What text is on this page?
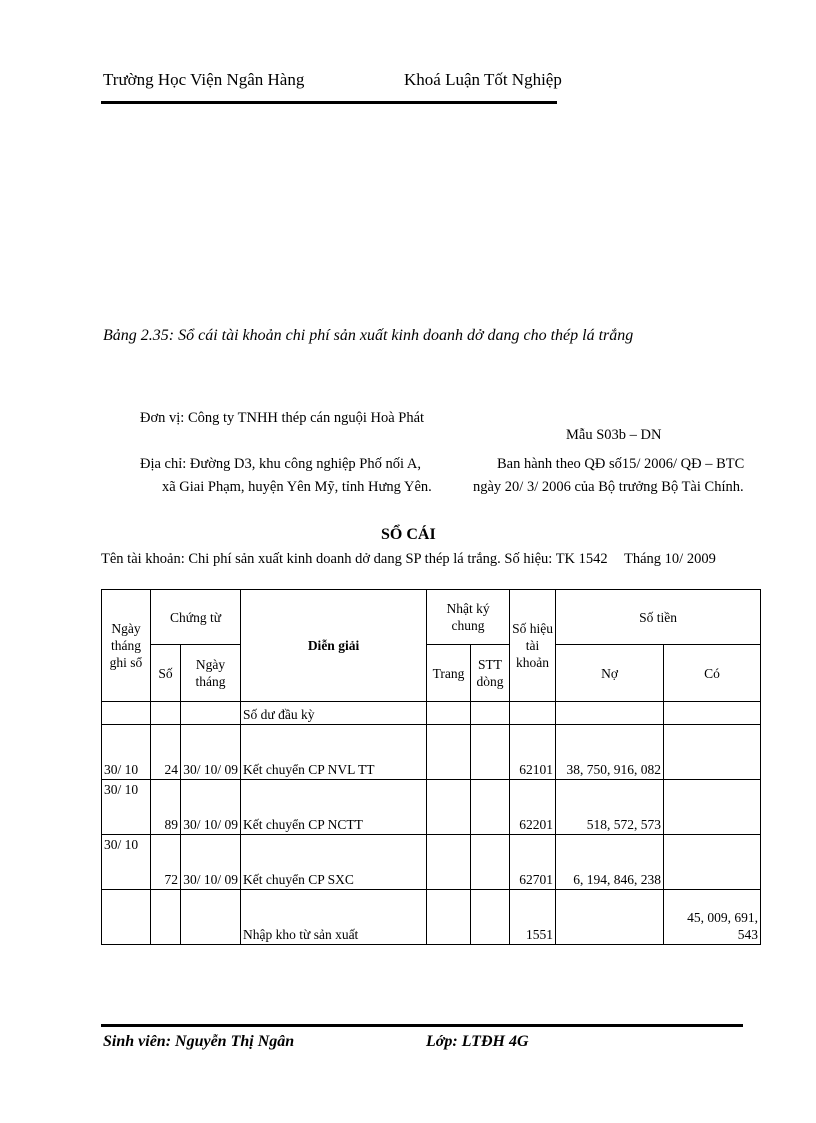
Trường Học Viện Ngân Hàng	Khoá Luận Tốt Nghiệp
Bảng 2.35: Sổ cái tài khoản chi phí sản xuất kinh doanh dở dang cho thép lá trắng
Đơn vị: Công ty TNHH thép cán nguội Hoà Phát
Địa chỉ: Đường D3, khu công nghiệp Phố nối A,
xã Giai Phạm, huyện Yên Mỹ, tỉnh Hưng Yên.
Mẫu S03b – DN
Ban hành theo QĐ số15/ 2006/ QĐ – BTC
ngày 20/ 3/ 2006 của Bộ trưởng Bộ Tài Chính.
SỔ CÁI
Tên tài khoản: Chi phí sản xuất kinh doanh dở dang SP thép lá trắng. Số hiệu: TK 1542 Tháng 10/ 2009
Ngày tháng ghi sổ	Chứng từ		Diễn giải	Nhật ký chung		Số hiệu tài khoản	Số tiền	
	Số	Ngày tháng		Trang	STT dòng		Nợ	Có
			Số dư đầu kỳ					
30/ 10	24	30/ 10/ 09	Kết chuyển CP NVL TT			62101	38, 750, 916, 082	
30/ 10	89	30/ 10/ 09	Kết chuyển CP NCTT			62201	518, 572, 573	
30/ 10	72	30/ 10/ 09	Kết chuyển CP SXC			62701	6, 194, 846, 238	
			Nhập kho từ sản xuất			1551		45, 009, 691, 543
Sinh viên: Nguyễn Thị Ngân	Lớp: LTĐH 4G
